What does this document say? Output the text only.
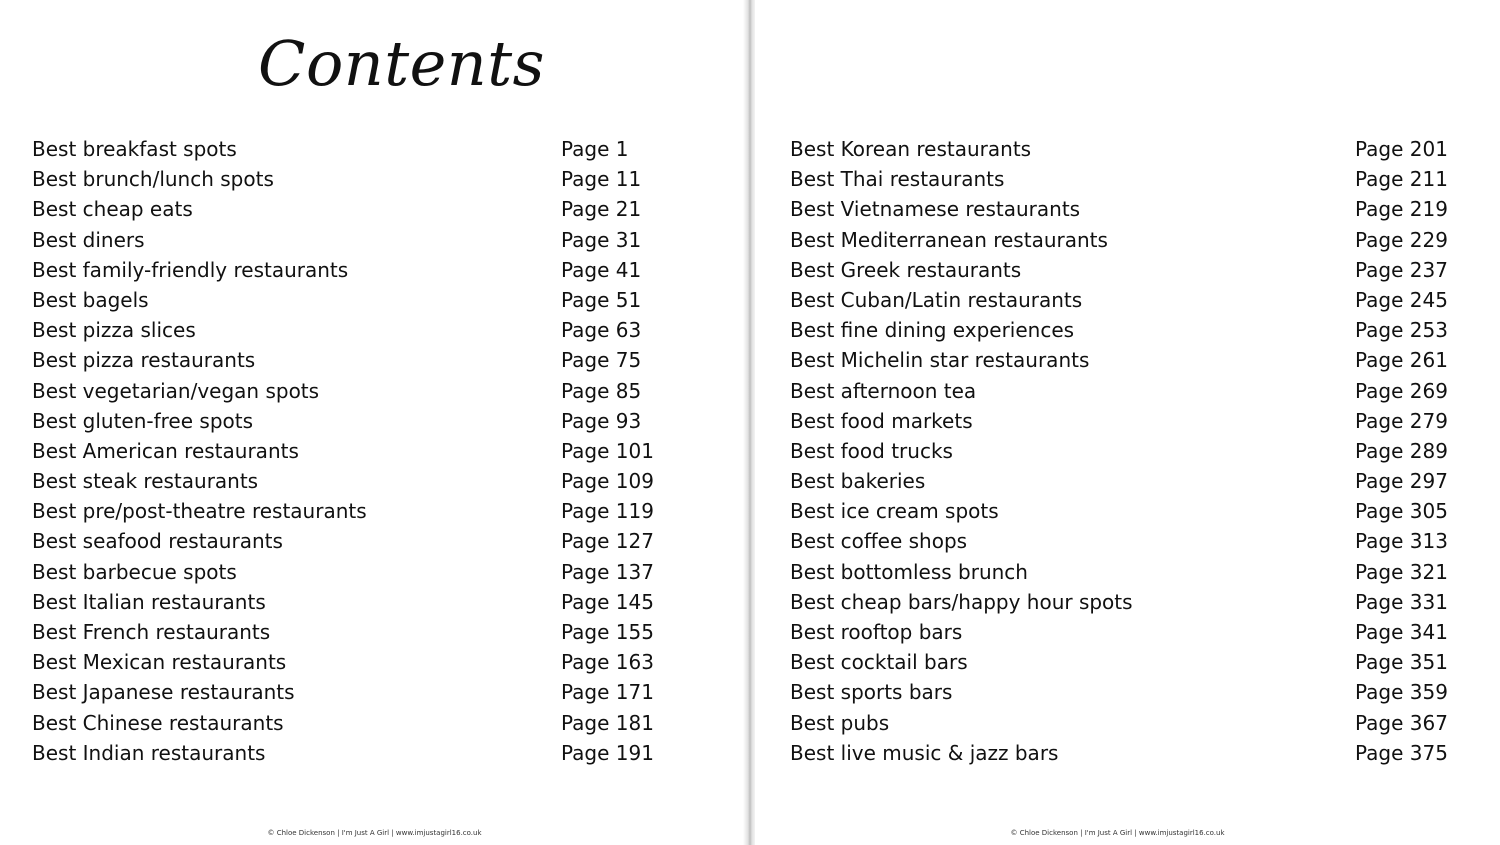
Contents
Best breakfast spots	Page 1
Best brunch/lunch spots	Page 11
Best cheap eats	Page 21
Best diners	Page 31
Best family-friendly restaurants	Page 41
Best bagels	Page 51
Best pizza slices	Page 63
Best pizza restaurants	Page 75
Best vegetarian/vegan spots	Page 85
Best gluten-free spots	Page 93
Best American restaurants	Page 101
Best steak restaurants	Page 109
Best pre/post-theatre restaurants	Page 119
Best seafood restaurants	Page 127
Best barbecue spots	Page 137
Best Italian restaurants	Page 145
Best French restaurants	Page 155
Best Mexican restaurants	Page 163
Best Japanese restaurants	Page 171
Best Chinese restaurants	Page 181
Best Indian restaurants	Page 191
© Chloe Dickenson | I'm Just A Girl | www.imjustagirl16.co.uk
Best Korean restaurants	Page 201
Best Thai restaurants	Page 211
Best Vietnamese restaurants	Page 219
Best Mediterranean restaurants	Page 229
Best Greek restaurants	Page 237
Best Cuban/Latin restaurants	Page 245
Best fine dining experiences	Page 253
Best Michelin star restaurants	Page 261
Best afternoon tea	Page 269
Best food markets	Page 279
Best food trucks	Page 289
Best bakeries	Page 297
Best ice cream spots	Page 305
Best coffee shops	Page 313
Best bottomless brunch	Page 321
Best cheap bars/happy hour spots	Page 331
Best rooftop bars	Page 341
Best cocktail bars	Page 351
Best sports bars	Page 359
Best pubs	Page 367
Best live music & jazz bars	Page 375
© Chloe Dickenson | I'm Just A Girl | www.imjustagirl16.co.uk
